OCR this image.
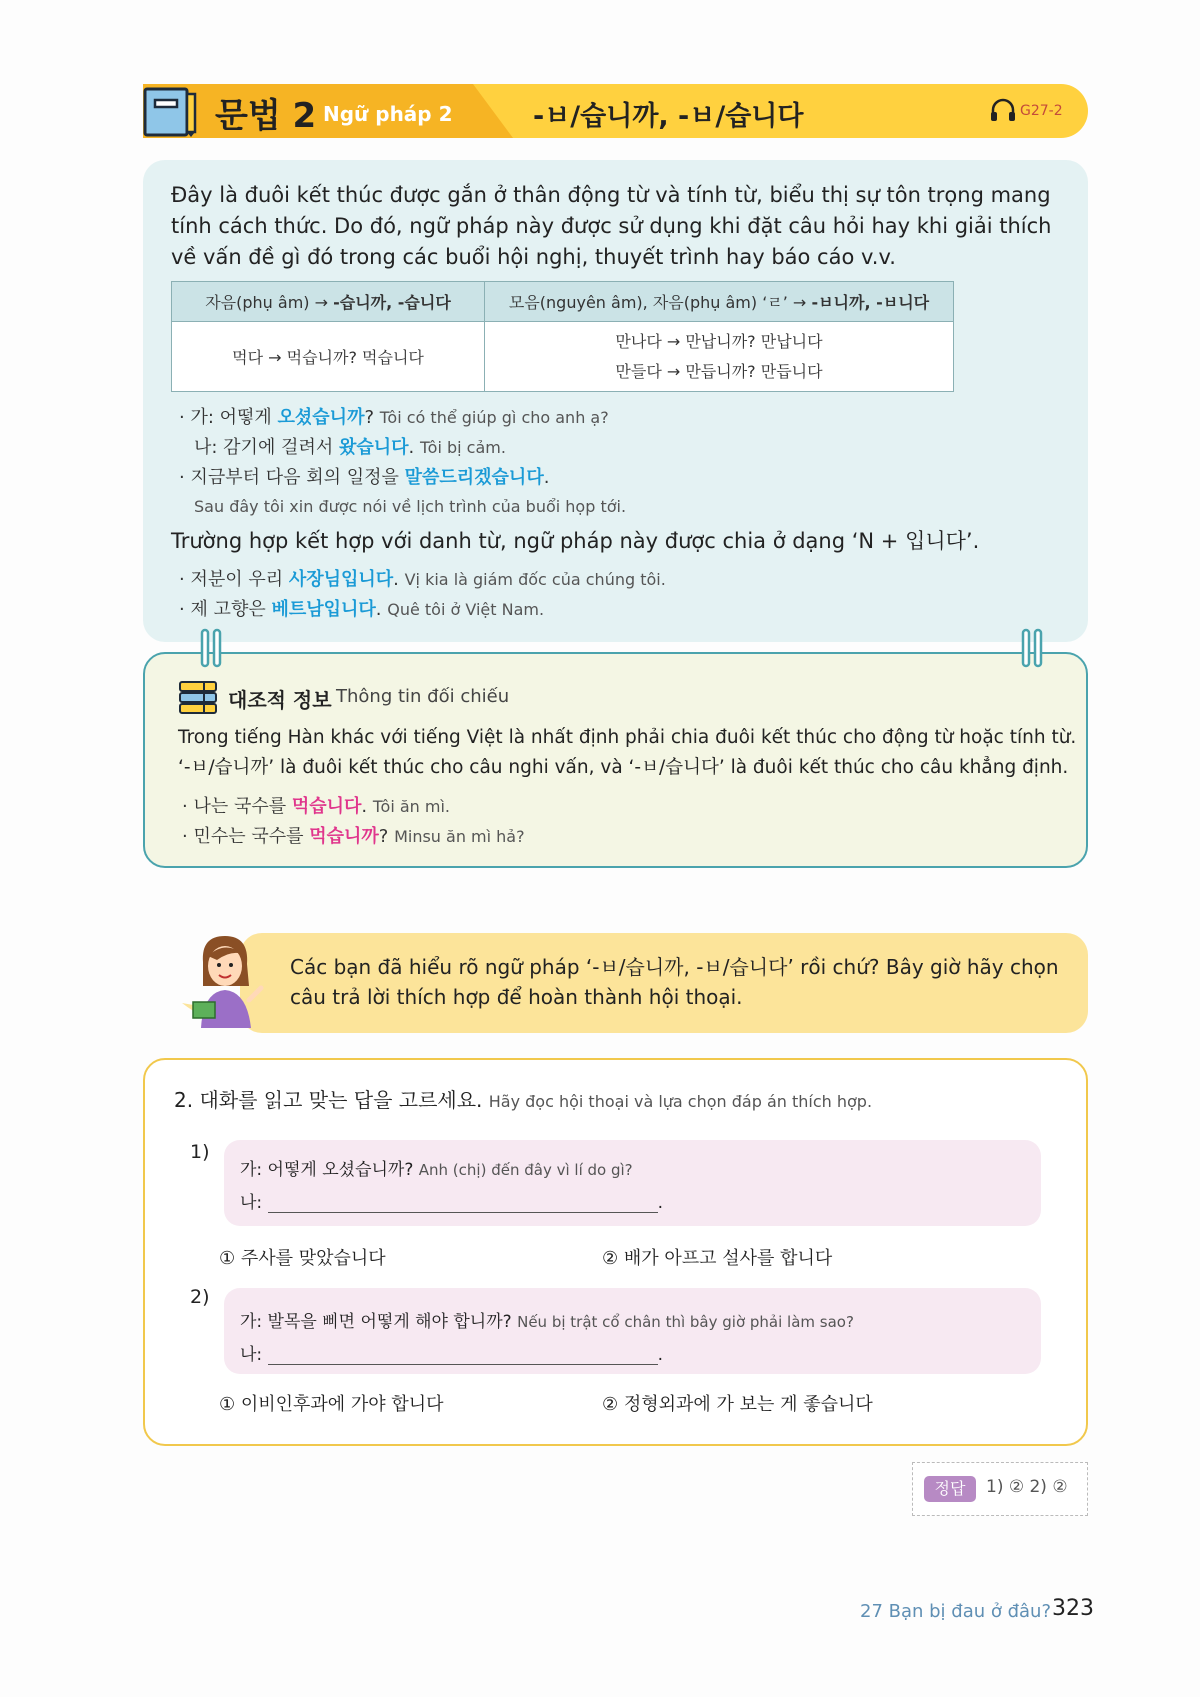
문법 2 Ngữ pháp 2	-ㅂ/습니까, -ㅂ/습니다	G27-2
Đây là đuôi kết thúc được gắn ở thân động từ và tính từ, biểu thị sự tôn trọng mang tính cách thức. Do đó, ngữ pháp này được sử dụng khi đặt câu hỏi hay khi giải thích về vấn đề gì đó trong các buổi hội nghị, thuyết trình hay báo cáo v.v.
자음(phụ âm) → -습니까, -습니다	모음(nguyên âm), 자음(phụ âm) ‘ㄹ’ → -ㅂ니까, -ㅂ니다
먹다 → 먹습니까? 먹습니다	만나다 → 만납니까? 만납니다
만들다 → 만듭니까? 만듭니다
· 가: 어떻게 오셨습니까? Tôi có thể giúp gì cho anh ạ?
나: 감기에 걸려서 왔습니다. Tôi bị cảm.
· 지금부터 다음 회의 일정을 말씀드리겠습니다.
Sau đây tôi xin được nói về lịch trình của buổi họp tới.
Trường hợp kết hợp với danh từ, ngữ pháp này được chia ở dạng ‘N + 입니다’.
· 저분이 우리 사장님입니다. Vị kia là giám đốc của chúng tôi.
· 제 고향은 베트남입니다. Quê tôi ở Việt Nam.
대조적 정보 Thông tin đối chiếu
Trong tiếng Hàn khác với tiếng Việt là nhất định phải chia đuôi kết thúc cho động từ hoặc tính từ.
‘-ㅂ/습니까’ là đuôi kết thúc cho câu nghi vấn, và ‘-ㅂ/습니다’ là đuôi kết thúc cho câu khẳng định.
· 나는 국수를 먹습니다. Tôi ăn mì.
· 민수는 국수를 먹습니까? Minsu ăn mì hả?
Các bạn đã hiểu rõ ngữ pháp ‘-ㅂ/습니까, -ㅂ/습니다’ rồi chứ? Bây giờ hãy chọn
câu trả lời thích hợp để hoàn thành hội thoại.
2. 대화를 읽고 맞는 답을 고르세요. Hãy đọc hội thoại và lựa chọn đáp án thích hợp.
1)
가: 어떻게 오셨습니까? Anh (chị) đến đây vì lí do gì?
나:	.
① 주사를 맞았습니다	② 배가 아프고 설사를 합니다
2)
가: 발목을 삐면 어떻게 해야 합니까? Nếu bị trật cổ chân thì bây giờ phải làm sao?
나:	.
① 이비인후과에 가야 합니다	② 정형외과에 가 보는 게 좋습니다
정답	1) ② 2) ②
27 Bạn bị đau ở đâu? 323
